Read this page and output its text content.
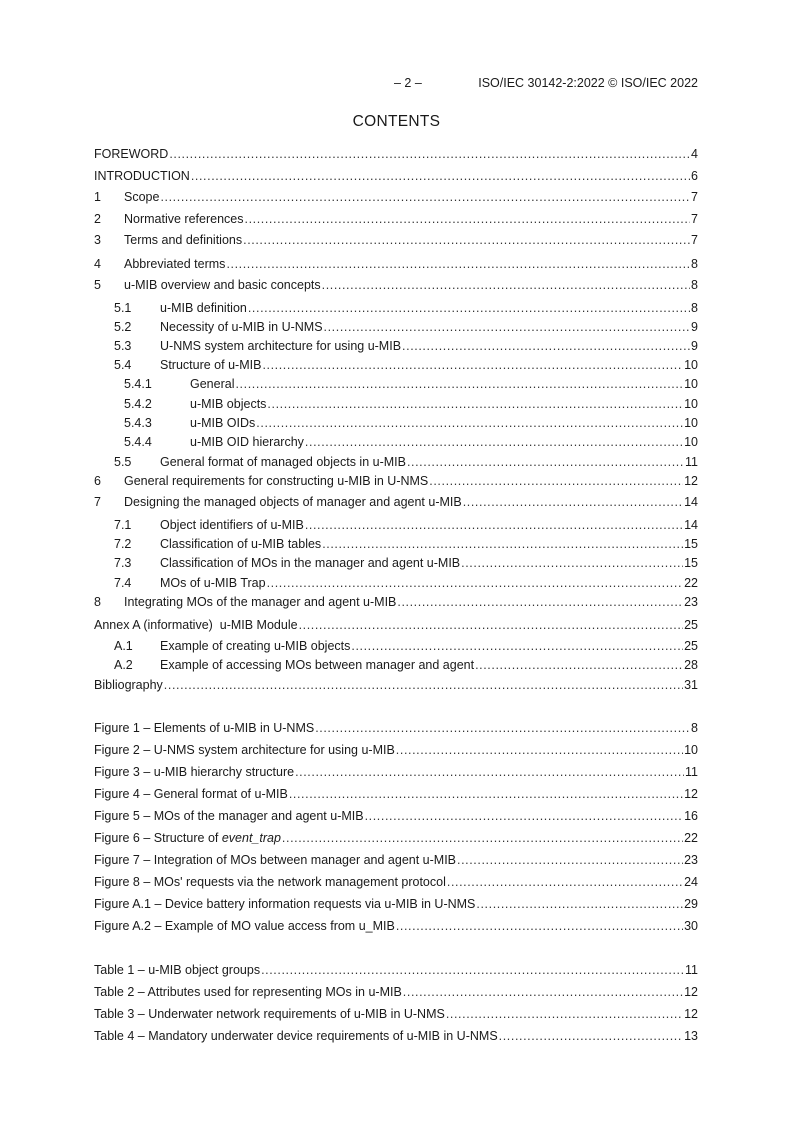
– 2 –	ISO/IEC 30142-2:2022 © ISO/IEC 2022
CONTENTS
FOREWORD .....	4
INTRODUCTION .....	6
1	Scope .....	7
2	Normative references .....	7
3	Terms and definitions .....	7
4	Abbreviated terms .....	8
5	u-MIB overview and basic concepts .....	8
5.1	u-MIB definition .....	8
5.2	Necessity of u-MIB in U-NMS .....	9
5.3	U-NMS system architecture for using u-MIB .....	9
5.4	Structure of u-MIB .....	10
5.4.1	General .....	10
5.4.2	u-MIB objects .....	10
5.4.3	u-MIB OIDs .....	10
5.4.4	u-MIB OID hierarchy .....	10
5.5	General format of managed objects in u-MIB .....	11
6	General requirements for constructing u-MIB in U-NMS .....	12
7	Designing the managed objects of manager and agent u-MIB .....	14
7.1	Object identifiers of u-MIB .....	14
7.2	Classification of u-MIB tables .....	15
7.3	Classification of MOs in the manager and agent u-MIB .....	15
7.4	MOs of u-MIB Trap .....	22
8	Integrating MOs of the manager and agent u-MIB .....	23
Annex A (informative)  u-MIB Module .....	25
A.1	Example of creating u-MIB objects .....	25
A.2	Example of accessing MOs between manager and agent .....	28
Bibliography .....	31
Figure 1 – Elements of u-MIB in U-NMS .....	8
Figure 2 – U-NMS system architecture for using u-MIB .....	10
Figure 3 – u-MIB hierarchy structure .....	11
Figure 4 – General format of u-MIB .....	12
Figure 5 – MOs of the manager and agent u-MIB .....	16
Figure 6 – Structure of event_trap .....	22
Figure 7 – Integration of MOs between manager and agent u-MIB .....	23
Figure 8 – MOs' requests via the network management protocol .....	24
Figure A.1 – Device battery information requests via u-MIB in U-NMS .....	29
Figure A.2 – Example of MO value access from u_MIB .....	30
Table 1 – u-MIB object groups .....	11
Table 2 – Attributes used for representing MOs in u-MIB .....	12
Table 3 – Underwater network requirements of u-MIB in U-NMS .....	12
Table 4 – Mandatory underwater device requirements of u-MIB in U-NMS .....	13
